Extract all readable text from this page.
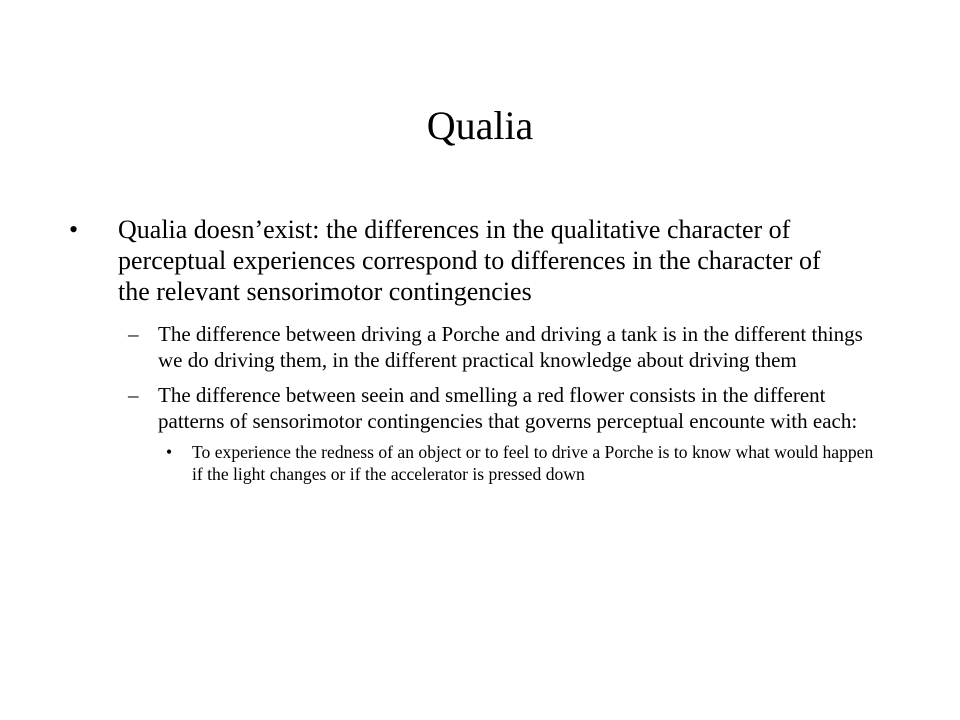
Qualia
•	Qualia doesn’exist: the differences in the qualitative character of perceptual experiences correspond to differences in the character of the relevant sensorimotor contingencies
– The difference between driving a Porche and driving a tank is in the different things we do driving them, in the different practical knowledge about driving them
– The difference between seein and smelling a red flower consists in the different patterns of sensorimotor contingencies that governs perceptual encounte with each:
• To experience the redness of an object or to feel to drive a Porche is to know what would happen if the light changes or if the accelerator is pressed down
